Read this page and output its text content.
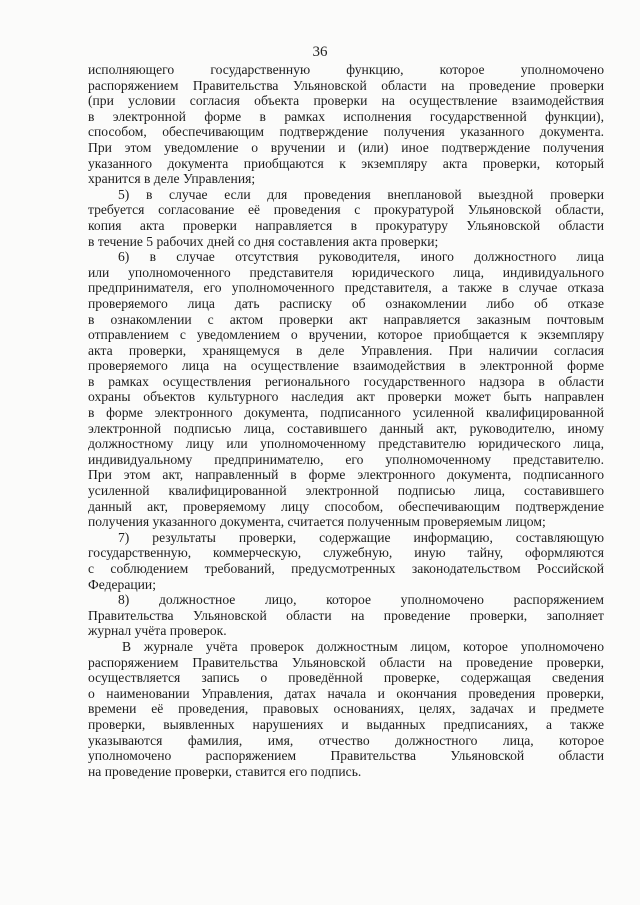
36
исполняющего государственную функцию, которое уполномочено
распоряжением Правительства Ульяновской области на проведение проверки
(при условии согласия объекта проверки на осуществление взаимодействия
в электронной форме в рамках исполнения государственной функции),
способом, обеспечивающим подтверждение получения указанного документа.
При этом уведомление о вручении и (или) иное подтверждение получения
указанного документа приобщаются к экземпляру акта проверки, который
хранится в деле Управления;
5) в случае если для проведения внеплановой выездной проверки
требуется согласование её проведения с прокуратурой Ульяновской области,
копия акта проверки направляется в прокуратуру Ульяновской области
в течение 5 рабочих дней со дня составления акта проверки;
6) в случае отсутствия руководителя, иного должностного лица
или уполномоченного представителя юридического лица, индивидуального
предпринимателя, его уполномоченного представителя, а также в случае отказа
проверяемого лица дать расписку об ознакомлении либо об отказе
в ознакомлении с актом проверки акт направляется заказным почтовым
отправлением с уведомлением о вручении, которое приобщается к экземпляру
акта проверки, хранящемуся в деле Управления. При наличии согласия
проверяемого лица на осуществление взаимодействия в электронной форме
в рамках осуществления регионального государственного надзора в области
охраны объектов культурного наследия акт проверки может быть направлен
в форме электронного документа, подписанного усиленной квалифицированной
электронной подписью лица, составившего данный акт, руководителю, иному
должностному лицу или уполномоченному представителю юридического лица,
индивидуальному предпринимателю, его уполномоченному представителю.
При этом акт, направленный в форме электронного документа, подписанного
усиленной квалифицированной электронной подписью лица, составившего
данный акт, проверяемому лицу способом, обеспечивающим подтверждение
получения указанного документа, считается полученным проверяемым лицом;
7) результаты проверки, содержащие информацию, составляющую
государственную, коммерческую, служебную, иную тайну, оформляются
с соблюдением требований, предусмотренных законодательством Российской
Федерации;
8) должностное лицо, которое уполномочено распоряжением
Правительства Ульяновской области на проведение проверки, заполняет
журнал учёта проверок.
В журнале учёта проверок должностным лицом, которое уполномочено
распоряжением Правительства Ульяновской области на проведение проверки,
осуществляется запись о проведённой проверке, содержащая сведения
о наименовании Управления, датах начала и окончания проведения проверки,
времени её проведения, правовых основаниях, целях, задачах и предмете
проверки, выявленных нарушениях и выданных предписаниях, а также
указываются фамилия, имя, отчество должностного лица, которое
уполномочено распоряжением Правительства Ульяновской области
на проведение проверки, ставится его подпись.
